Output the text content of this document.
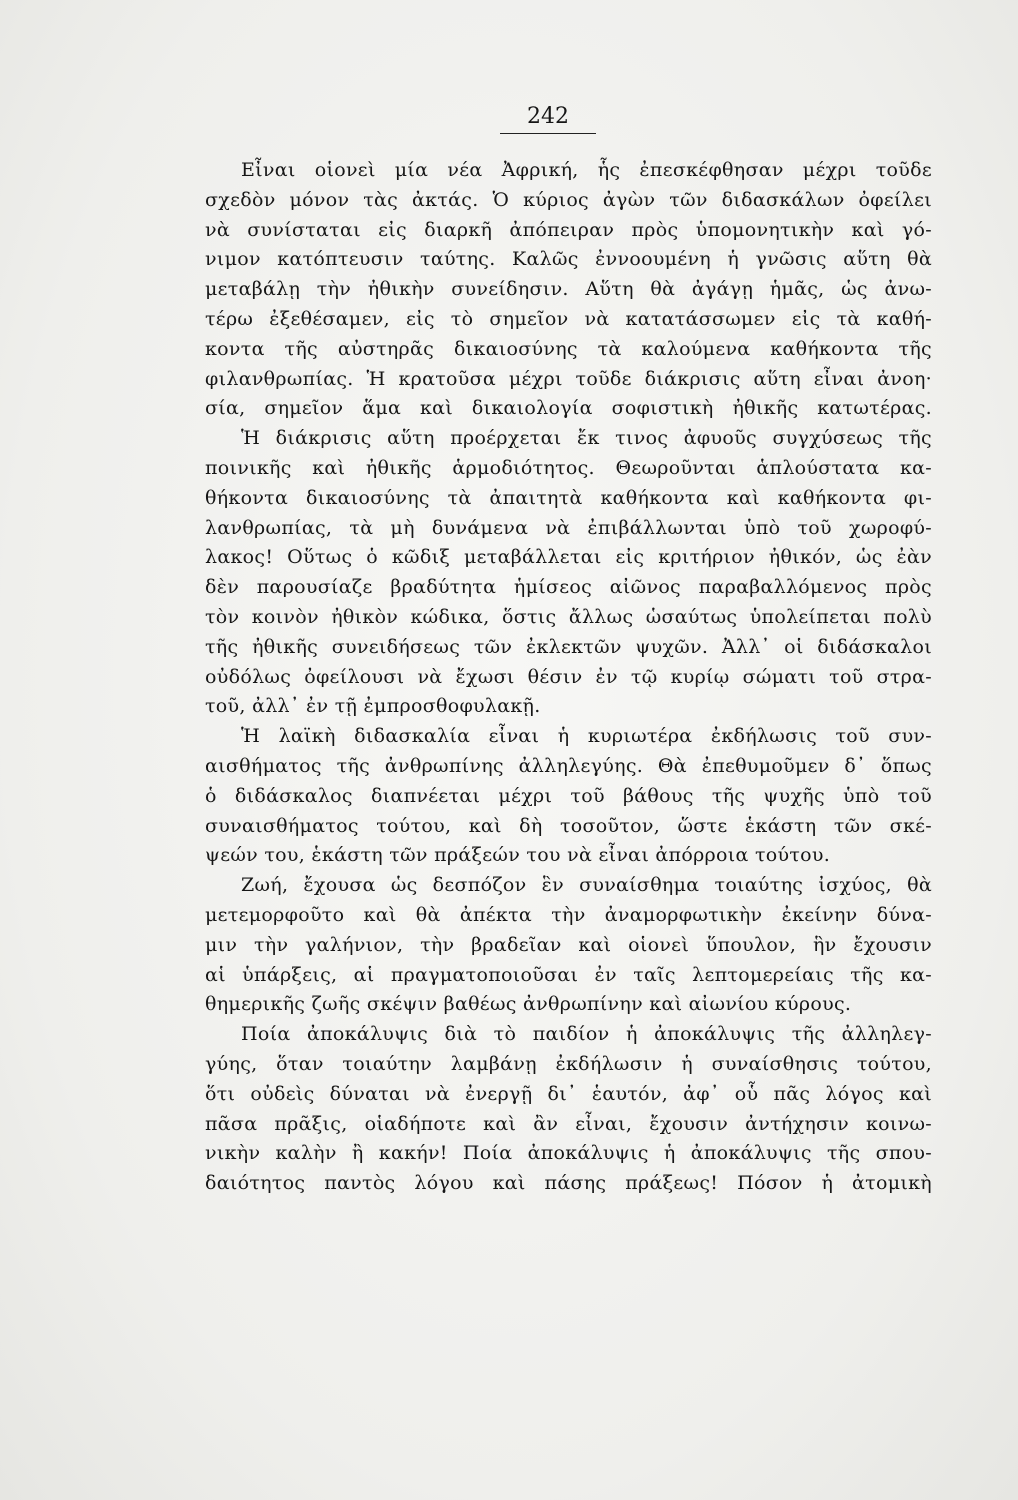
242
Εἶναι οἱονεὶ μία νέα Ἀφρική, ἧς ἐπεσκέφθησαν μέχρι τοῦδε
σχεδὸν μόνον τὰς ἀκτάς. Ὁ κύριος ἀγὼν τῶν διδασκάλων ὀφείλει
νὰ συνίσταται εἰς διαρκῆ ἀπόπειραν πρὸς ὑπομονητικὴν καὶ γό-
νιμον κατόπτευσιν ταύτης. Καλῶς ἐννοουμένη ἡ γνῶσις αὕτη θὰ
μεταβάλῃ τὴν ἠθικὴν συνείδησιν. Αὕτη θὰ ἀγάγῃ ἡμᾶς, ὡς ἀνω-
τέρω ἐξεθέσαμεν, εἰς τὸ σημεῖον νὰ κατατάσσωμεν εἰς τὰ καθή-
κοντα τῆς αὐστηρᾶς δικαιοσύνης τὰ καλούμενα καθήκοντα τῆς
φιλανθρωπίας. Ἡ κρατοῦσα μέχρι τοῦδε διάκρισις αὕτη εἶναι ἀνοη·
σία, σημεῖον ἅμα καὶ δικαιολογία σοφιστικὴ ἠθικῆς κατωτέρας.
Ἡ διάκρισις αὕτη προέρχεται ἔκ τινος ἀφυοῦς συγχύσεως τῆς
ποινικῆς καὶ ἠθικῆς ἁρμοδιότητος. Θεωροῦνται ἁπλούστατα κα-
θήκοντα δικαιοσύνης τὰ ἀπαιτητὰ καθήκοντα καὶ καθήκοντα φι-
λανθρωπίας, τὰ μὴ δυνάμενα νὰ ἐπιβάλλωνται ὑπὸ τοῦ χωροφύ-
λακος! Οὕτως ὁ κῶδιξ μεταβάλλεται εἰς κριτήριον ἠθικόν, ὡς ἐὰν
δὲν παρουσίαζε βραδύτητα ἡμίσεος αἰῶνος παραβαλλόμενος πρὸς
τὸν κοινὸν ἠθικὸν κώδικα, ὅστις ἄλλως ὡσαύτως ὑπολείπεται πολὺ
τῆς ἠθικῆς συνειδήσεως τῶν ἐκλεκτῶν ψυχῶν. Ἀλλ᾽ οἱ διδάσκαλοι
οὐδόλως ὀφείλουσι νὰ ἔχωσι θέσιν ἐν τῷ κυρίῳ σώματι τοῦ στρα-
τοῦ, ἀλλ᾽ ἐν τῇ ἐμπροσθοφυλακῇ.
Ἡ λαϊκὴ διδασκαλία εἶναι ἡ κυριωτέρα ἐκδήλωσις τοῦ συν-
αισθήματος τῆς ἀνθρωπίνης ἀλληλεγύης. Θὰ ἐπεθυμοῦμεν δ᾽ ὅπως
ὁ διδάσκαλος διαπνέεται μέχρι τοῦ βάθους τῆς ψυχῆς ὑπὸ τοῦ
συναισθήματος τούτου, καὶ δὴ τοσοῦτον, ὥστε ἑκάστη τῶν σκέ-
ψεών του, ἑκάστη τῶν πράξεών του νὰ εἶναι ἀπόρροια τούτου.
Ζωή, ἔχουσα ὡς δεσπόζον ἓν συναίσθημα τοιαύτης ἰσχύος, θὰ
μετεμορφοῦτο καὶ θὰ ἀπέκτα τὴν ἀναμορφωτικὴν ἐκείνην δύνα-
μιν τὴν γαλήνιον, τὴν βραδεῖαν καὶ οἱονεὶ ὕπουλον, ἣν ἔχουσιν
αἱ ὑπάρξεις, αἱ πραγματοποιοῦσαι ἐν ταῖς λεπτομερείαις τῆς κα-
θημερικῆς ζωῆς σκέψιν βαθέως ἀνθρωπίνην καὶ αἰωνίου κύρους.
Ποία ἀποκάλυψις διὰ τὸ παιδίον ἡ ἀποκάλυψις τῆς ἀλληλεγ-
γύης, ὅταν τοιαύτην λαμβάνῃ ἐκδήλωσιν ἡ συναίσθησις τούτου,
ὅτι οὐδεὶς δύναται νὰ ἐνεργῇ δι᾽ ἑαυτόν, ἀφ᾽ οὗ πᾶς λόγος καὶ
πᾶσα πρᾶξις, οἱαδήποτε καὶ ἂν εἶναι, ἔχουσιν ἀντήχησιν κοινω-
νικὴν καλὴν ἢ κακήν! Ποία ἀποκάλυψις ἡ ἀποκάλυψις τῆς σπου-
δαιότητος παντὸς λόγου καὶ πάσης πράξεως! Πόσον ἡ ἀτομικὴ
